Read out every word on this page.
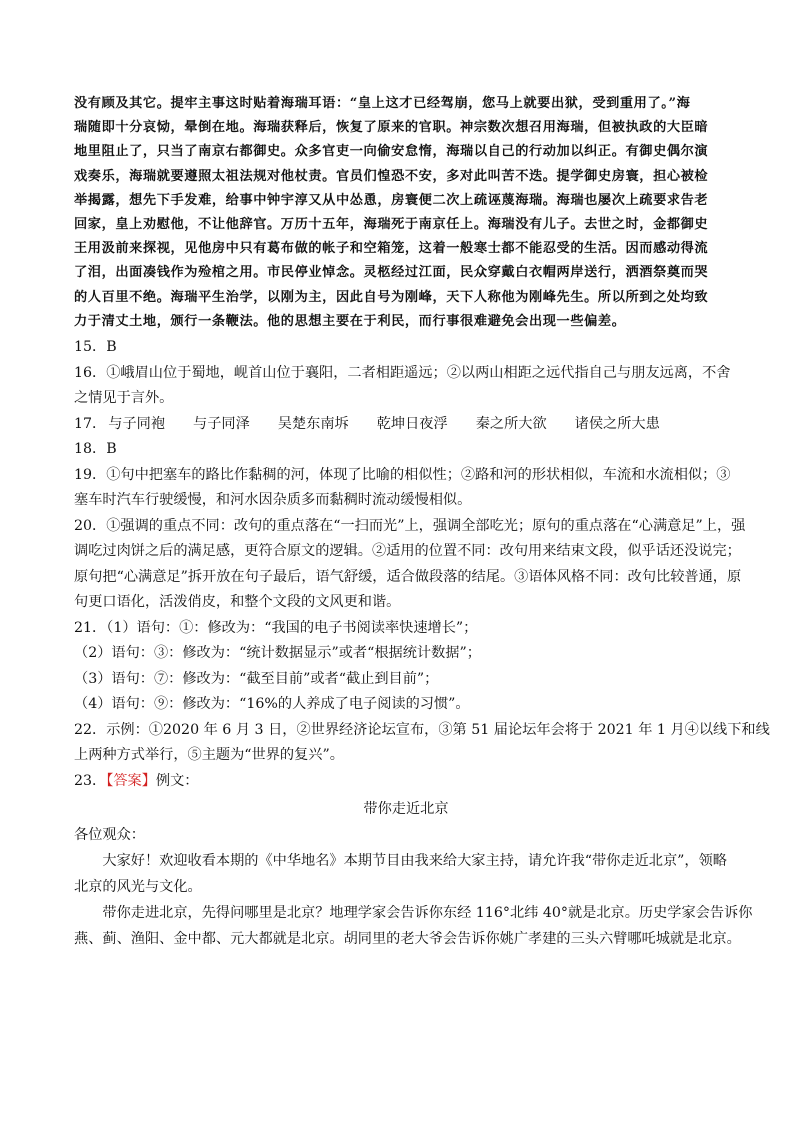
没有顾及其它。提牢主事这时贴着海瑞耳语：“皇上这才已经驾崩，您马上就要出狱，受到重用了。”海
瑞随即十分哀恸，晕倒在地。海瑞获释后，恢复了原来的官职。神宗数次想召用海瑞，但被执政的大臣暗
地里阻止了，只当了南京右都御史。众多官吏一向偷安怠惰，海瑞以自己的行动加以纠正。有御史偶尔演
戏奏乐，海瑞就要遵照太祖法规对他杖责。官员们惶恐不安，多对此叫苦不迭。提学御史房寰，担心被检
举揭露，想先下手发难，给事中钟宇淳又从中怂恿，房寰便二次上疏诬蔑海瑞。海瑞也屡次上疏要求告老
回家，皇上劝慰他，不让他辞官。万历十五年，海瑞死于南京任上。海瑞没有儿子。去世之时，金都御史
王用汲前来探视，见他房中只有葛布做的帐子和空箱笼，这着一般寒士都不能忍受的生活。因而感动得流
了泪，出面凑钱作为殓棺之用。市民停业悼念。灵柩经过江面，民众穿戴白衣帽两岸送行，洒酒祭奠而哭
的人百里不绝。海瑞平生治学，以刚为主，因此自号为刚峰，天下人称他为刚峰先生。所以所到之处均致
力于清丈土地，颁行一条鞭法。他的思想主要在于利民，而行事很难避免会出现一些偏差。
15．B
16．①峨眉山位于蜀地，岘首山位于襄阳，二者相距遥远；②以两山相距之远代指自己与朋友远离，不舍
之情见于言外。
17． 与子同袍 与子同泽 吴楚东南坼 乾坤日夜浮 秦之所大欲 诸侯之所大患
18．B
19．①句中把塞车的路比作黏稠的河，体现了比喻的相似性；②路和河的形状相似，车流和水流相似；③
塞车时汽车行驶缓慢，和河水因杂质多而黏稠时流动缓慢相似。
20．①强调的重点不同：改句的重点落在“一扫而光”上，强调全部吃光；原句的重点落在“心满意足”上，强
调吃过肉饼之后的满足感，更符合原文的逻辑。②适用的位置不同：改句用来结束文段，似乎话还没说完；
原句把“心满意足”拆开放在句子最后，语气舒缓，适合做段落的结尾。③语体风格不同：改句比较普通，原
句更口语化，活泼俏皮，和整个文段的文风更和谐。
21．（1）语句：①：修改为：“我国的电子书阅读率快速增长”；
（2）语句：③：修改为：“统计数据显示”或者“根据统计数据”；
（3）语句：⑦：修改为：“截至目前”或者“截止到目前”；
（4）语句：⑨：修改为：“16%的人养成了电子阅读的习惯”。
22．示例：①2020 年 6 月 3 日，②世界经济论坛宣布，③第 51 届论坛年会将于 2021 年 1 月④以线下和线
上两种方式举行，⑤主题为“世界的复兴”。
23．【答案】例文：
带你走近北京
各位观众：
大家好！欢迎收看本期的《中华地名》本期节目由我来给大家主持，请允许我“带你走近北京”，领略
北京的风光与文化。
带你走进北京，先得问哪里是北京？地理学家会告诉你东经 116°北纬 40°就是北京。历史学家会告诉你
燕、蓟、渔阳、金中都、元大都就是北京。胡同里的老大爷会告诉你姚广孝建的三头六臂哪吒城就是北京。
